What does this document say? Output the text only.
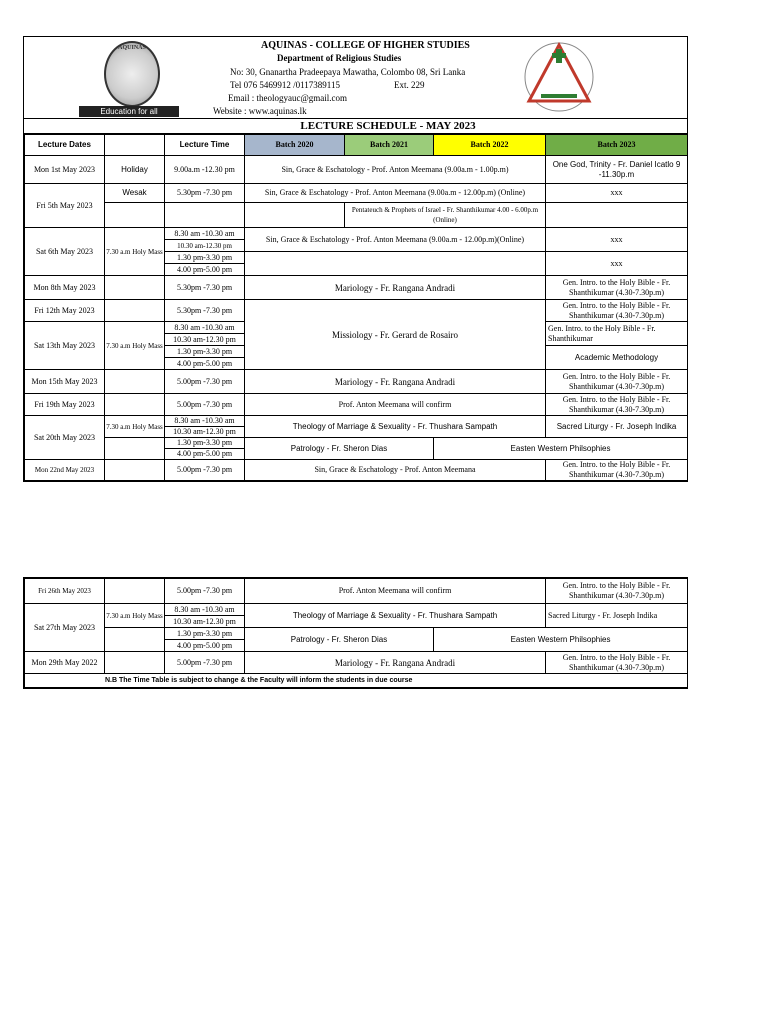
AQUINAS
Education for all
AQUINAS - COLLEGE OF HIGHER STUDIES
Department of Religious Studies
No: 30, Gnanartha Pradeepaya Mawatha, Colombo 08, Sri Lanka
Tel 076 5469912 /0117389115	Ext. 229
Email : theologyauc@gmail.com
Website : www.aquinas.lk
LECTURE SCHEDULE - MAY 2023
Lecture Dates		Lecture Time	Batch 2020	Batch 2021	Batch 2022	Batch 2023
Mon 1st May 2023	Holiday	9.00a.m -12.30 pm	Sin, Grace & Eschatology - Prof. Anton Meemana (9.00a.m - 1.00p.m)			One God, Trinity - Fr. Daniel Icatlo 9 -11.30p.m
Fri 5th May 2023	Wesak	5.30pm -7.30 pm	Sin, Grace & Eschatology - Prof. Anton Meemana (9.00a.m - 12.00p.m) (Online)			xxx
				Pentateuch & Prophets of Israel - Fr. Shanthikumar 4.00 - 6.00p.m (Online)		
Sat 6th May 2023	7.30 a.m Holy Mass	8.30 am -10.30 am	Sin, Grace & Eschatology - Prof. Anton Meemana (9.00a.m - 12.00p.m)(Online)			xxx
		10.30 am-12.30 pm				
		1.30 pm-3.30 pm				xxx
		4.00 pm-5.00 pm				
Mon 8th May 2023		5.30pm -7.30 pm	Mariology - Fr. Rangana Andradi			Gen. Intro. to the Holy Bible - Fr. Shanthikumar (4.30-7.30p.m)
Fri 12th May 2023		5.30pm -7.30 pm	Missiology - Fr. Gerard de Rosairo			Gen. Intro. to the Holy Bible - Fr. Shanthikumar (4.30-7.30p.m)
Sat 13th May 2023	7.30 a.m Holy Mass	8.30 am -10.30 am				Gen. Intro. to the Holy Bible - Fr. Shanthikumar
		10.30 am-12.30 pm				
		1.30 pm-3.30 pm				Academic Methodology
		4.00 pm-5.00 pm				
Mon 15th May 2023		5.00pm -7.30 pm	Mariology - Fr. Rangana Andradi			Gen. Intro. to the Holy Bible - Fr. Shanthikumar (4.30-7.30p.m)
Fri 19th May 2023		5.00pm -7.30 pm	Prof. Anton Meemana will confirm			Gen. Intro. to the Holy Bible - Fr. Shanthikumar (4.30-7.30p.m)
Sat 20th May 2023	7.30 a.m Holy Mass	8.30 am -10.30 am	Theology of Marriage & Sexuality - Fr. Thushara Sampath			Sacred Liturgy - Fr. Joseph Indika
		10.30 am-12.30 pm				
		1.30 pm-3.30 pm	Patrology - Fr. Sheron Dias		Easten Western Philsophies	
		4.00 pm-5.00 pm				
Mon 22nd May 2023		5.00pm -7.30 pm	Sin, Grace & Eschatology - Prof. Anton Meemana			Gen. Intro. to the Holy Bible - Fr. Shanthikumar (4.30-7.30p.m)
Fri 26th May 2023		5.00pm -7.30 pm	Prof. Anton Meemana will confirm		Gen. Intro. to the Holy Bible - Fr. Shanthikumar (4.30-7.30p.m)
Sat 27th May 2023	7.30 a.m Holy Mass	8.30 am -10.30 am	Theology of Marriage & Sexuality - Fr. Thushara Sampath		Sacred Liturgy - Fr. Joseph Indika
		10.30 am-12.30 pm			
		1.30 pm-3.30 pm	Patrology - Fr. Sheron Dias	Easten Western Philsophies	
		4.00 pm-5.00 pm			
Mon 29th May 2022		5.00pm -7.30 pm	Mariology - Fr. Rangana Andradi		Gen. Intro. to the Holy Bible - Fr. Shanthikumar (4.30-7.30p.m)
N.B The Time Table is subject to change & the Faculty will inform the students in due course					
